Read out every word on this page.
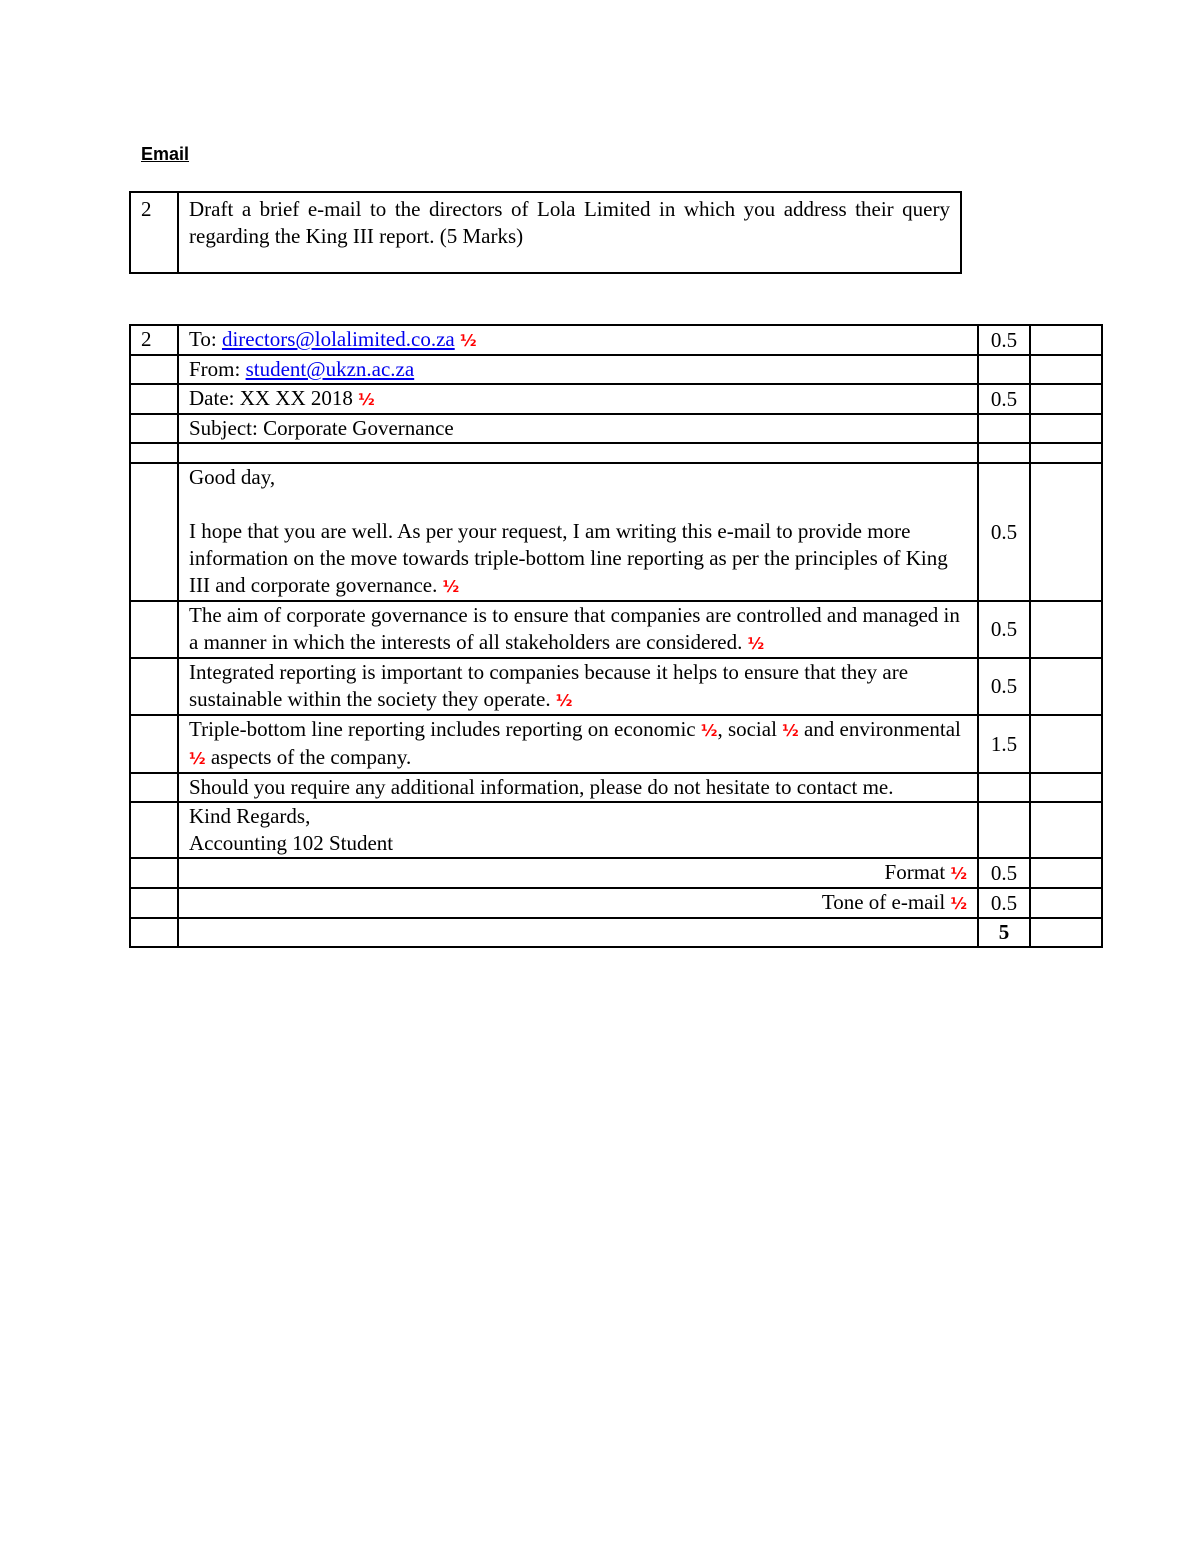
Email
2	Draft a brief e-mail to the directors of Lola Limited in which you address their query regarding the King III report. (5 Marks)
2	To: directors@lolalimited.co.za ½	0.5	
	From: student@ukzn.ac.za		
	Date: XX XX 2018 ½	0.5	
	Subject: Corporate Governance		

	Good day,
I hope that you are well. As per your request, I am writing this e-mail to provide more information on the move towards triple-bottom line reporting as per the principles of King III and corporate governance. ½	0.5	
	The aim of corporate governance is to ensure that companies are controlled and managed in a manner in which the interests of all stakeholders are considered. ½	0.5	
	Integrated reporting is important to companies because it helps to ensure that they are sustainable within the society they operate. ½	0.5	
	Triple-bottom line reporting includes reporting on economic ½, social ½ and environmental ½ aspects of the company.	1.5	
	Should you require any additional information, please do not hesitate to contact me.		

	Kind Regards,
Accounting 102 Student		

	Format ½	0.5	
	Tone of e-mail ½	0.5	
		5	
